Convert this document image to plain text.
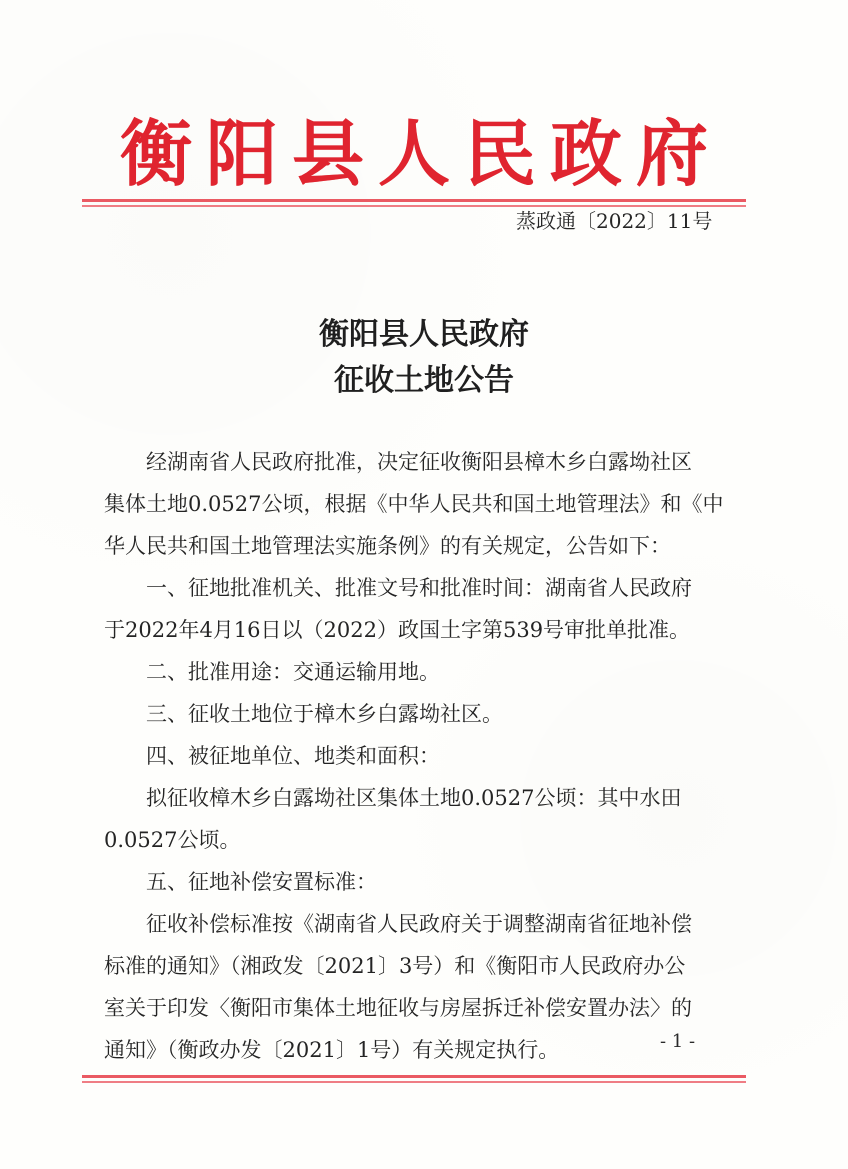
衡阳县人民政府
蒸政通〔2022〕11号
衡阳县人民政府
征收土地公告
经湖南省人民政府批准，决定征收衡阳县樟木乡白露坳社区
集体土地0.0527公顷，根据《中华人民共和国土地管理法》和《中
华人民共和国土地管理法实施条例》的有关规定，公告如下：
一、征地批准机关、批准文号和批准时间：湖南省人民政府
于2022年4月16日以（2022）政国土字第539号审批单批准。
二、批准用途：交通运输用地。
三、征收土地位于樟木乡白露坳社区。
四、被征地单位、地类和面积：
拟征收樟木乡白露坳社区集体土地0.0527公顷：其中水田
0.0527公顷。
五、征地补偿安置标准：
征收补偿标准按《湖南省人民政府关于调整湖南省征地补偿
标准的通知》（湘政发〔2021〕3号）和《衡阳市人民政府办公
室关于印发〈衡阳市集体土地征收与房屋拆迁补偿安置办法〉的
通知》（衡政办发〔2021〕1号）有关规定执行。	- 1 -
